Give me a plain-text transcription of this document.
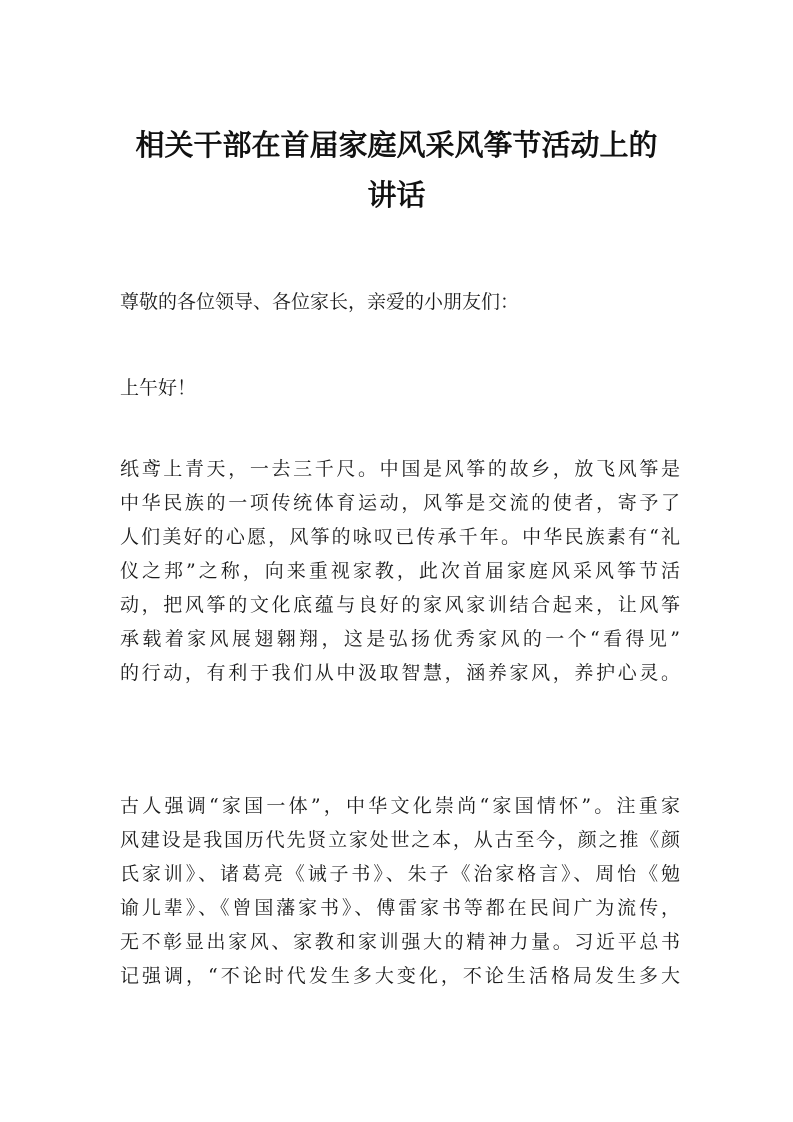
相关干部在首届家庭风采风筝节活动上的
讲话

尊敬的各位领导、各位家长，亲爱的小朋友们：

上午好！

纸鸢上青天，一去三千尺。中国是风筝的故乡，放飞风筝是
中华民族的一项传统体育运动，风筝是交流的使者，寄予了
人们美好的心愿，风筝的咏叹已传承千年。中华民族素有“礼
仪之邦”之称，向来重视家教，此次首届家庭风采风筝节活
动，把风筝的文化底蕴与良好的家风家训结合起来，让风筝
承载着家风展翅翱翔，这是弘扬优秀家风的一个“看得见”
的行动，有利于我们从中汲取智慧，涵养家风，养护心灵。

古人强调“家国一体”，中华文化崇尚“家国情怀”。注重家
风建设是我国历代先贤立家处世之本，从古至今，颜之推《颜
氏家训》、诸葛亮《诫子书》、朱子《治家格言》、周怡《勉
谕儿辈》、《曾国藩家书》、傅雷家书等都在民间广为流传，
无不彰显出家风、家教和家训强大的精神力量。习近平总书
记强调，“不论时代发生多大变化，不论生活格局发生多大
